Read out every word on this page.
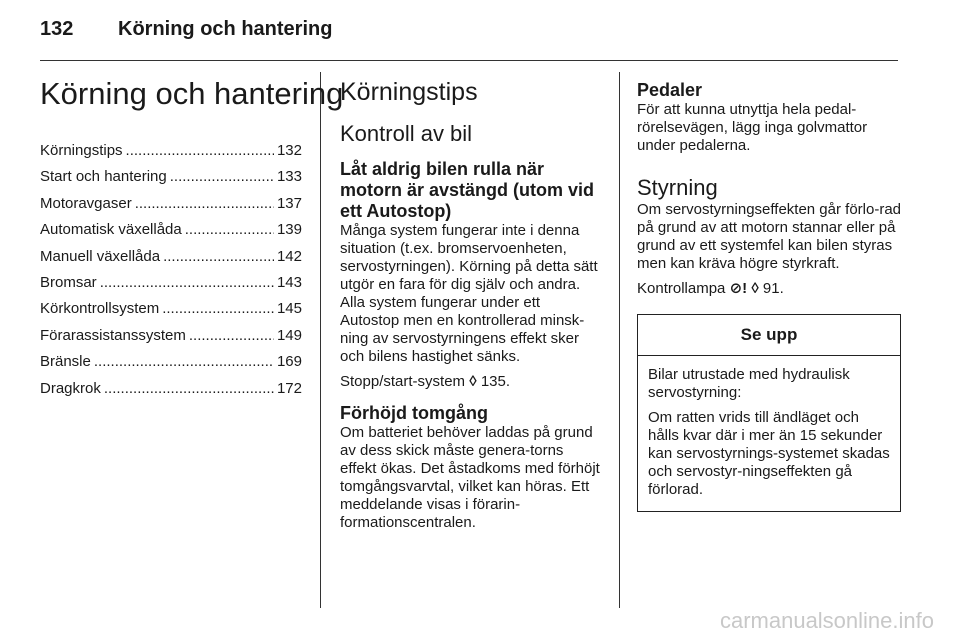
132 Körning och hantering
Körning och hantering
Körningstips .....	132
Start och hantering .....	133
Motoravgaser .....	137
Automatisk växellåda .....	139
Manuell växellåda .....	142
Bromsar .....	143
Körkontrollsystem .....	145
Förarassistanssystem .....	149
Bränsle .....	169
Dragkrok .....	172
Körningstips
Kontroll av bil
Låt aldrig bilen rulla när motorn är avstängd (utom vid ett Autostop)

Många system fungerar inte i denna situation (t.ex. bromservoenheten, servostyrningen). Körning på detta sätt utgör en fara för dig själv och andra. Alla system fungerar under ett Autostop men en kontrollerad minsk-ning av servostyrningens effekt sker och bilens hastighet sänks.

Stopp/start-system ◊ 135.

Förhöjd tomgång

Om batteriet behöver laddas på grund av dess skick måste genera-torns effekt ökas. Det åstadkoms med förhöjt tomgångsvarvtal, vilket kan höras. Ett meddelande visas i förarin-formationscentralen.

Pedaler

För att kunna utnyttja hela pedal-rörelsevägen, lägg inga golvmattor under pedalerna.

Styrning

Om servostyrningseffekten går förlo-rad på grund av att motorn stannar eller på grund av ett systemfel kan bilen styras men kan kräva högre styrkraft.

Kontrollampa ⊘! ◊ 91.

Se upp

Bilar utrustade med hydraulisk servostyrning:

Om ratten vrids till ändläget och hålls kvar där i mer än 15 sekunder kan servostyrnings-systemet skadas och servostyr-ningseffekten gå förlorad.

carmanualsonline.info
